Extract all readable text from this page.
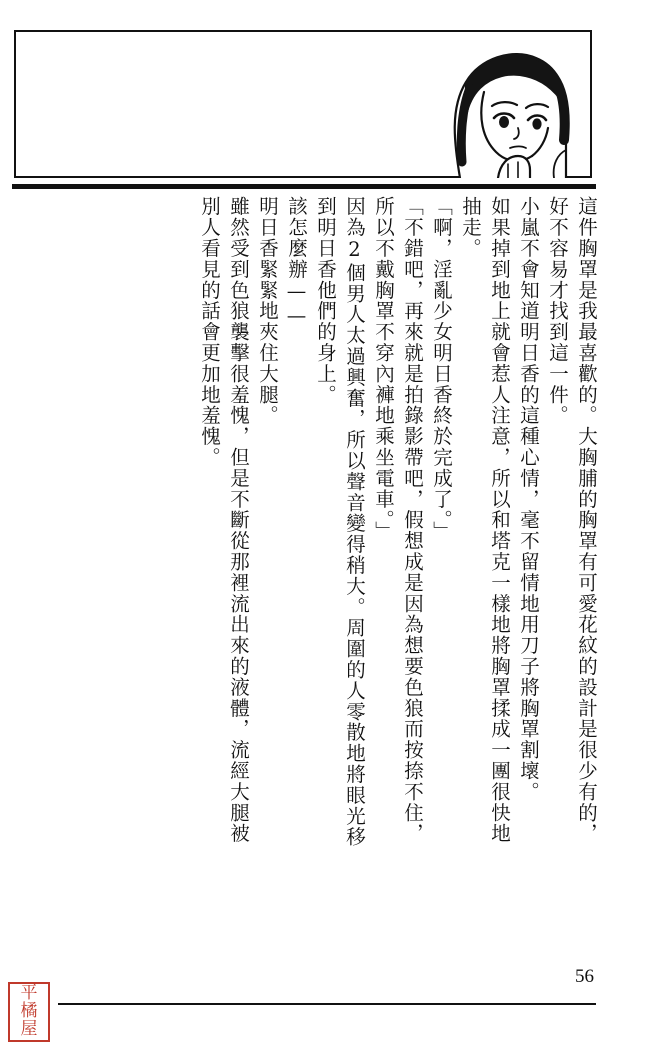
這件胸罩是我最喜歡的。大胸脯的胸罩有可愛花紋的設計是很少有的，
好不容易才找到這一件。
小嵐不會知道明日香的這種心情，毫不留情地用刀子將胸罩割壞。
如果掉到地上就會惹人注意，所以和塔克一樣地將胸罩揉成一團很快地
抽走。
「啊，淫亂少女明日香終於完成了。」
「不錯吧，再來就是拍錄影帶吧，假想成是因為想要色狼而按捺不住，
所以不戴胸罩不穿內褲地乘坐電車。」
因為2個男人太過興奮，所以聲音變得稍大。周圍的人零散地將眼光移
到明日香他們的身上。
該怎麼辦——
明日香緊緊地夾住大腿。
雖然受到色狼襲擊很羞愧，但是不斷從那裡流出來的液體，流經大腿被
別人看見的話會更加地羞愧。
56
平
橘
屋
